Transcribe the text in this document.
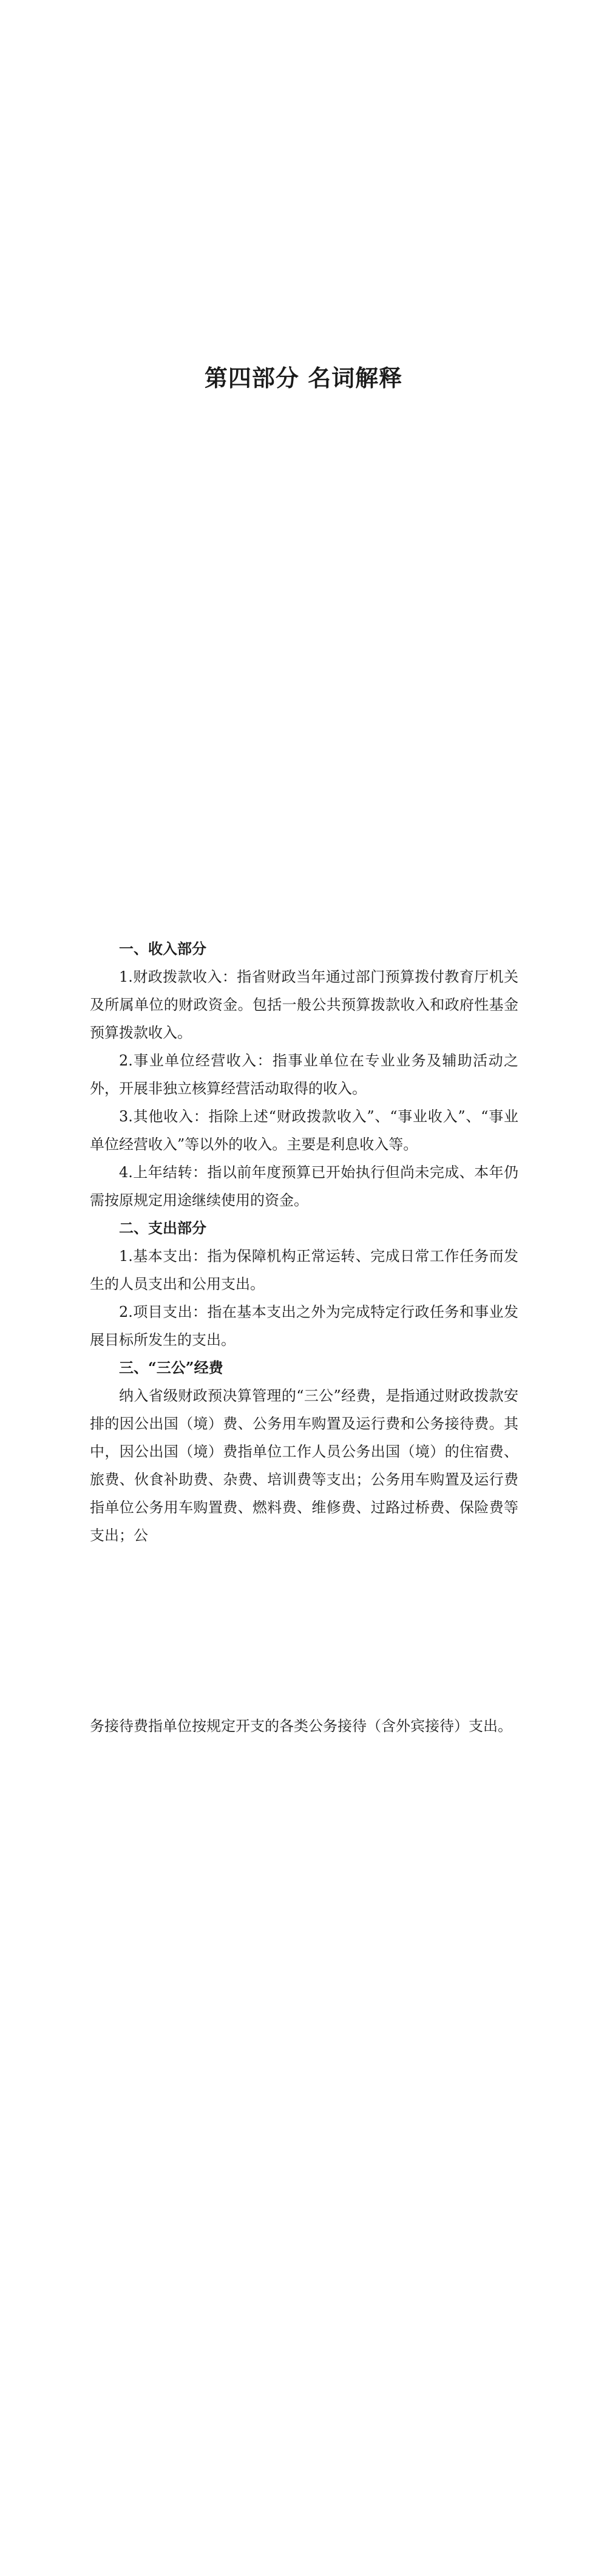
第四部分 名词解释

一、收入部分

1.财政拨款收入：指省财政当年通过部门预算拨付教育厅机关及所属单位的财政资金。包括一般公共预算拨款收入和政府性基金预算拨款收入。

2.事业单位经营收入：指事业单位在专业业务及辅助活动之外，开展非独立核算经营活动取得的收入。

3.其他收入：指除上述“财政拨款收入”、“事业收入”、“事业单位经营收入”等以外的收入。主要是利息收入等。

4.上年结转：指以前年度预算已开始执行但尚未完成、本年仍需按原规定用途继续使用的资金。

二、支出部分

1.基本支出：指为保障机构正常运转、完成日常工作任务而发生的人员支出和公用支出。

2.项目支出：指在基本支出之外为完成特定行政任务和事业发展目标所发生的支出。

三、“三公”经费

纳入省级财政预决算管理的“三公”经费，是指通过财政拨款安排的因公出国（境）费、公务用车购置及运行费和公务接待费。其中，因公出国（境）费指单位工作人员公务出国（境）的住宿费、旅费、伙食补助费、杂费、培训费等支出；公务用车购置及运行费指单位公务用车购置费、燃料费、维修费、过路过桥费、保险费等支出；公

务接待费指单位按规定开支的各类公务接待（含外宾接待）支出。
